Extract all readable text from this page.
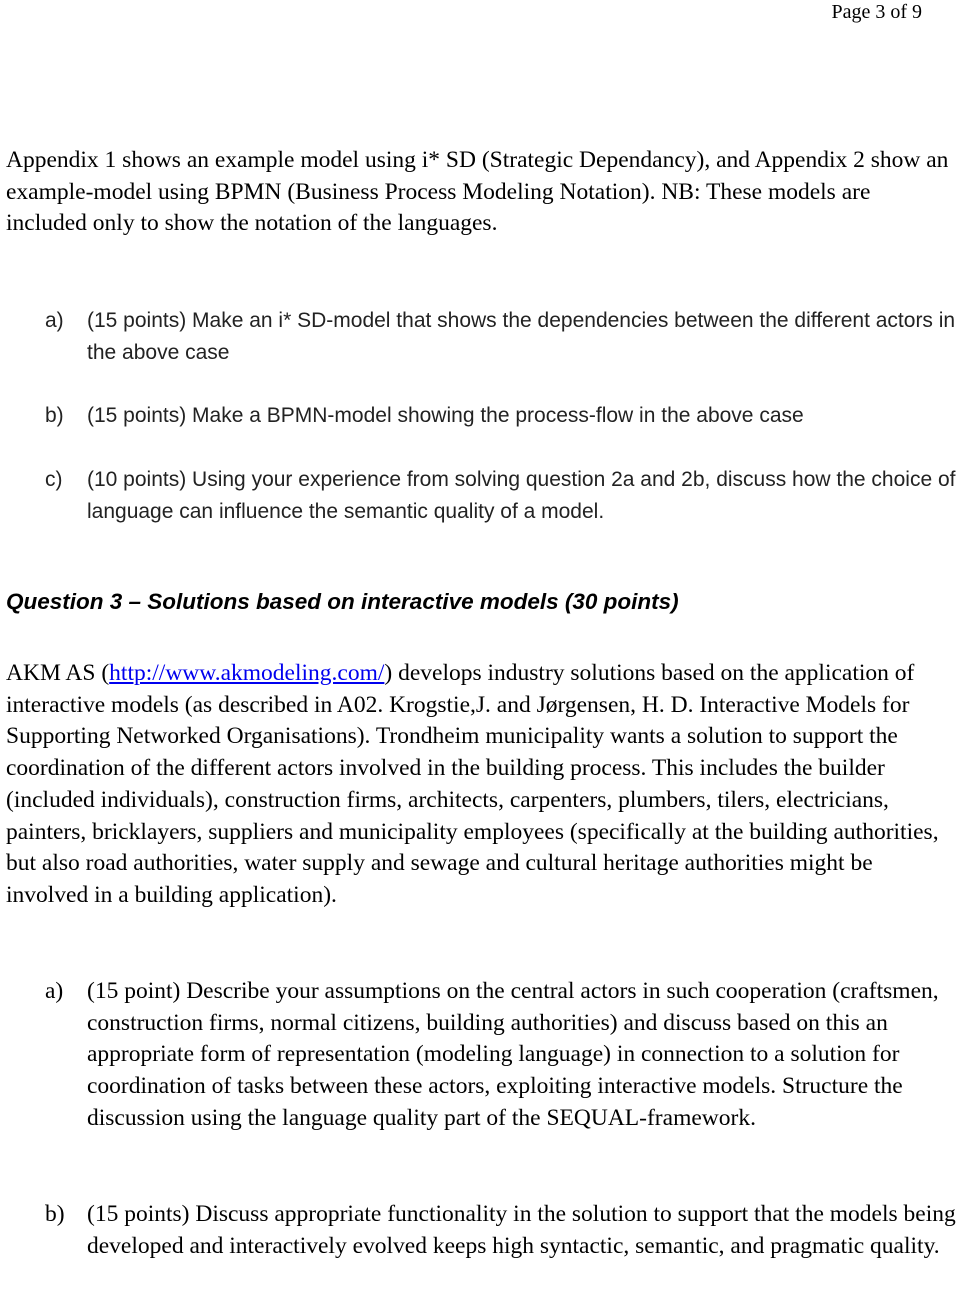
Page 3 of 9

Appendix 1 shows an example model using i* SD (Strategic Dependancy), and Appendix 2 show an example-model using BPMN (Business Process Modeling Notation). NB: These models are included only to show the notation of the languages.

a) (15 points) Make an i* SD-model that shows the dependencies between the different actors in the above case
b) (15 points) Make a BPMN-model showing the process-flow in the above case
c) (10 points) Using your experience from solving question 2a and 2b, discuss how the choice of language can influence the semantic quality of a model.
Question 3 – Solutions based on interactive models (30 points)

AKM AS (http://www.akmodeling.com/) develops industry solutions based on the application of interactive models (as described in A02. Krogstie,J. and Jørgensen, H. D. Interactive Models for Supporting Networked Organisations). Trondheim municipality wants a solution to support the coordination of the different actors involved in the building process. This includes the builder (included individuals), construction firms, architects, carpenters, plumbers, tilers, electricians, painters, bricklayers, suppliers and municipality employees (specifically at the building authorities, but also road authorities, water supply and sewage and cultural heritage authorities might be involved in a building application).

a) (15 point) Describe your assumptions on the central actors in such cooperation (craftsmen, construction firms, normal citizens, building authorities) and discuss based on this an appropriate form of representation (modeling language) in connection to a solution for coordination of tasks between these actors, exploiting interactive models. Structure the discussion using the language quality part of the SEQUAL-framework.
b) (15 points) Discuss appropriate functionality in the solution to support that the models being developed and interactively evolved keeps high syntactic, semantic, and pragmatic quality.
